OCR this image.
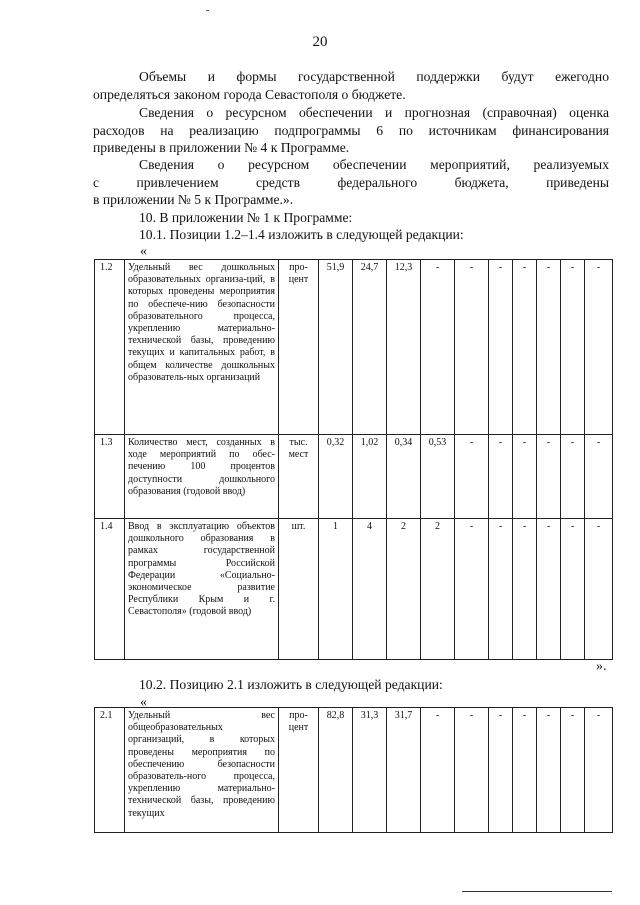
20

Объемы и формы государственной поддержки будут ежегодно

определяться законом города Севастополя о бюджете.

Сведения о ресурсном обеспечении и прогнозная (справочная) оценка

расходов на реализацию подпрограммы 6 по источникам финансирования

приведены в приложении № 4 к Программе.

Сведения о ресурсном обеспечении мероприятий, реализуемых

с привлечением средств федерального бюджета, приведены

в приложении № 5 к Программе.».

10. В приложении № 1 к Программе:

10.1. Позиции 1.2–1.4 изложить в следующей редакции:

«
1.2	Удельный вес дошкольных образовательных организа-ций, в которых проведены мероприятия по обеспече-нию безопасности образовательного процесса, укреплению материально-технической базы, проведению текущих и капитальных работ, в общем количестве дошкольных образователь-ных организаций	про-цент	51,9	24,7	12,3	-	-	-	-	-	-	-
1.3	Количество мест, созданных в ходе мероприятий по обес-печению 100 процентов доступности дошкольного образования (годовой ввод)	тыс. мест	0,32	1,02	0,34	0,53	-	-	-	-	-	-
1.4	Ввод в эксплуатацию объектов дошкольного образования в рамках государственной программы Российской Федерации «Социально-экономическое развитие Республики Крым и г. Севастополя» (годовой ввод)	шт.	1	4	2	2	-	-	-	-	-	-
».

10.2. Позицию 2.1 изложить в следующей редакции:

«
2.1	Удельный вес общеобразовательных организаций, в которых проведены мероприятия по обеспечению безопасности образователь-ного процесса, укреплению материально-технической базы, проведению текущих	про-цент	82,8	31,3	31,7	-	-	-	-	-	-	-
